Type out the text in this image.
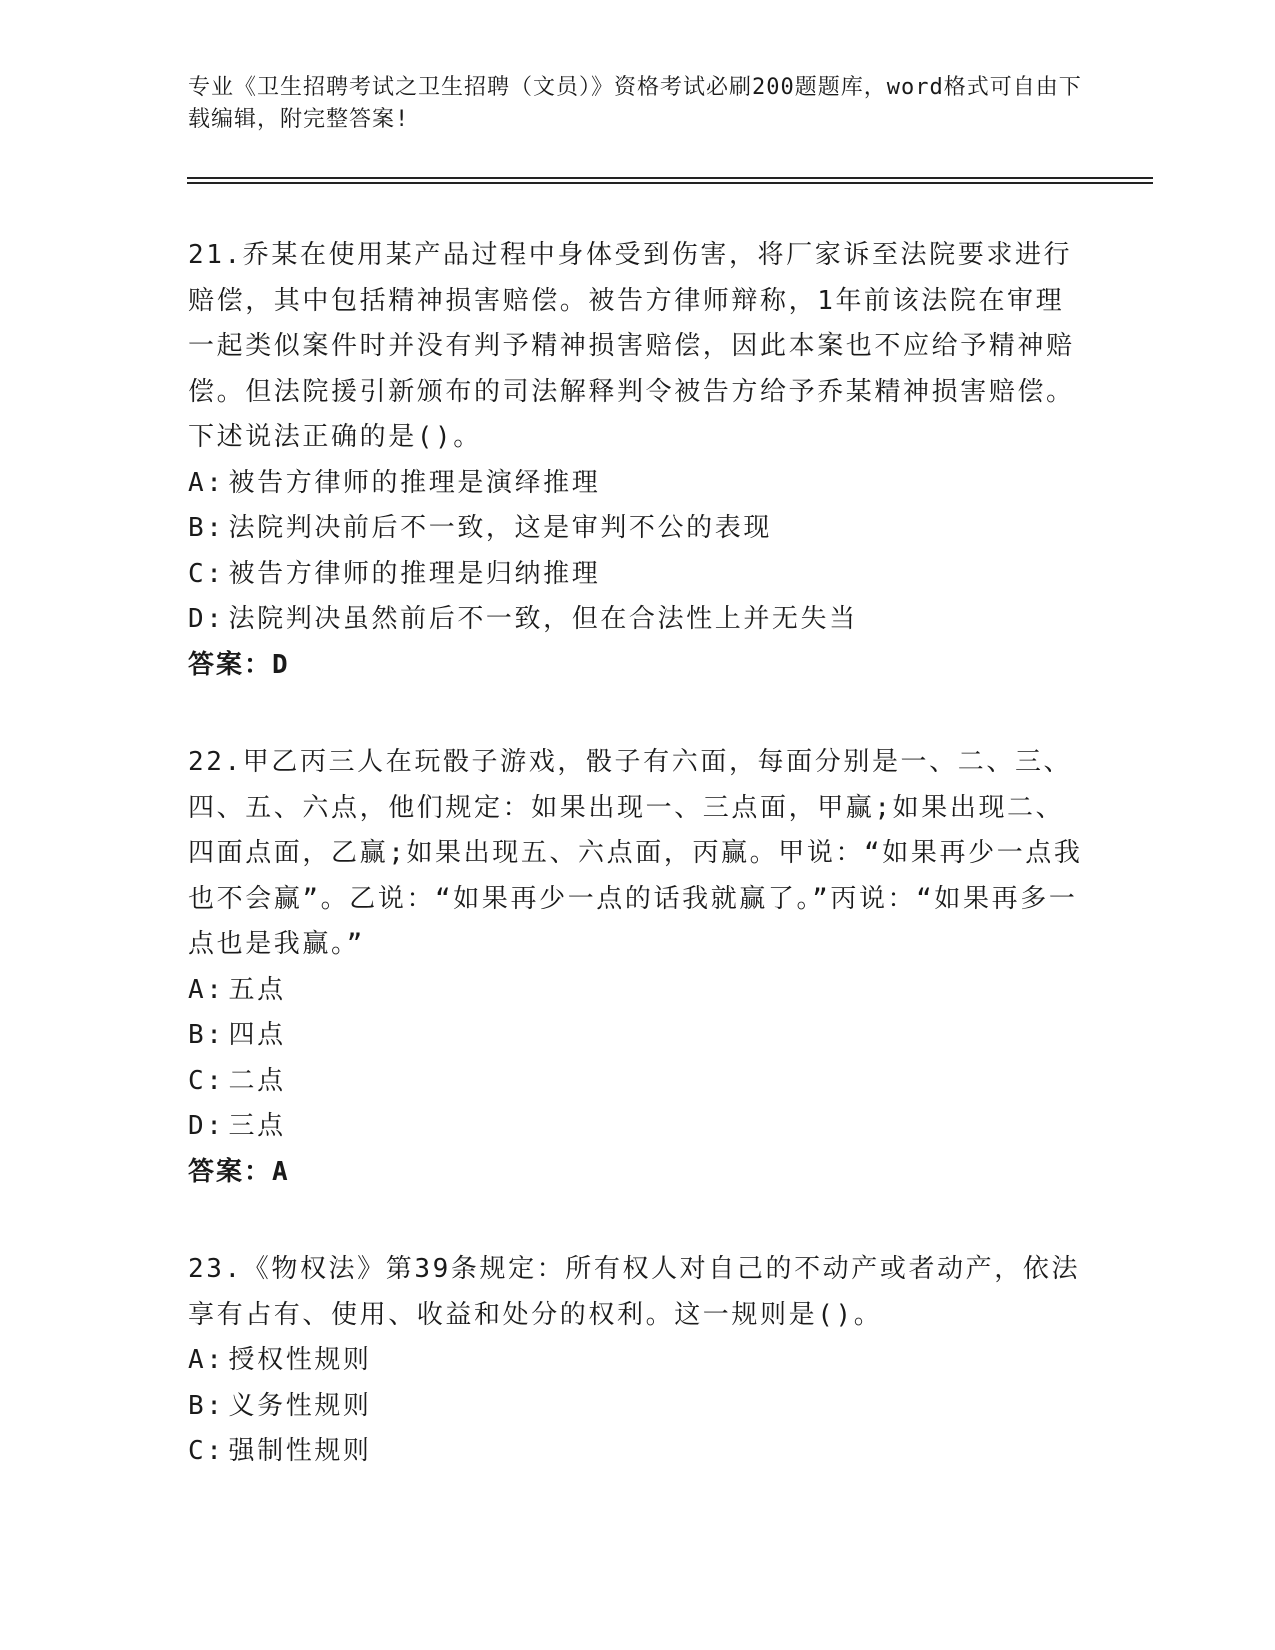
专业《卫生招聘考试之卫生招聘（文员）》资格考试必刷200题题库，word格式可自由下载编辑，附完整答案!

21.乔某在使用某产品过程中身体受到伤害，将厂家诉至法院要求进行赔偿，其中包括精神损害赔偿。被告方律师辩称，1年前该法院在审理一起类似案件时并没有判予精神损害赔偿，因此本案也不应给予精神赔偿。但法院援引新颁布的司法解释判令被告方给予乔某精神损害赔偿。下述说法正确的是()。

A: 被告方律师的推理是演绎推理
B: 法院判决前后不一致，这是审判不公的表现
C: 被告方律师的推理是归纳推理
D: 法院判决虽然前后不一致，但在合法性上并无失当
答案：D

22.甲乙丙三人在玩骰子游戏，骰子有六面，每面分别是一、二、三、四、五、六点，他们规定：如果出现一、三点面，甲赢;如果出现二、四面点面，乙赢;如果出现五、六点面，丙赢。甲说：“如果再少一点我也不会赢”。乙说：“如果再少一点的话我就赢了。”丙说：“如果再多一点也是我赢。”

A: 五点
B: 四点
C: 二点
D: 三点
答案：A

23.《物权法》第39条规定：所有权人对自己的不动产或者动产，依法享有占有、使用、收益和处分的权利。这一规则是()。

A: 授权性规则
B: 义务性规则
C: 强制性规则
